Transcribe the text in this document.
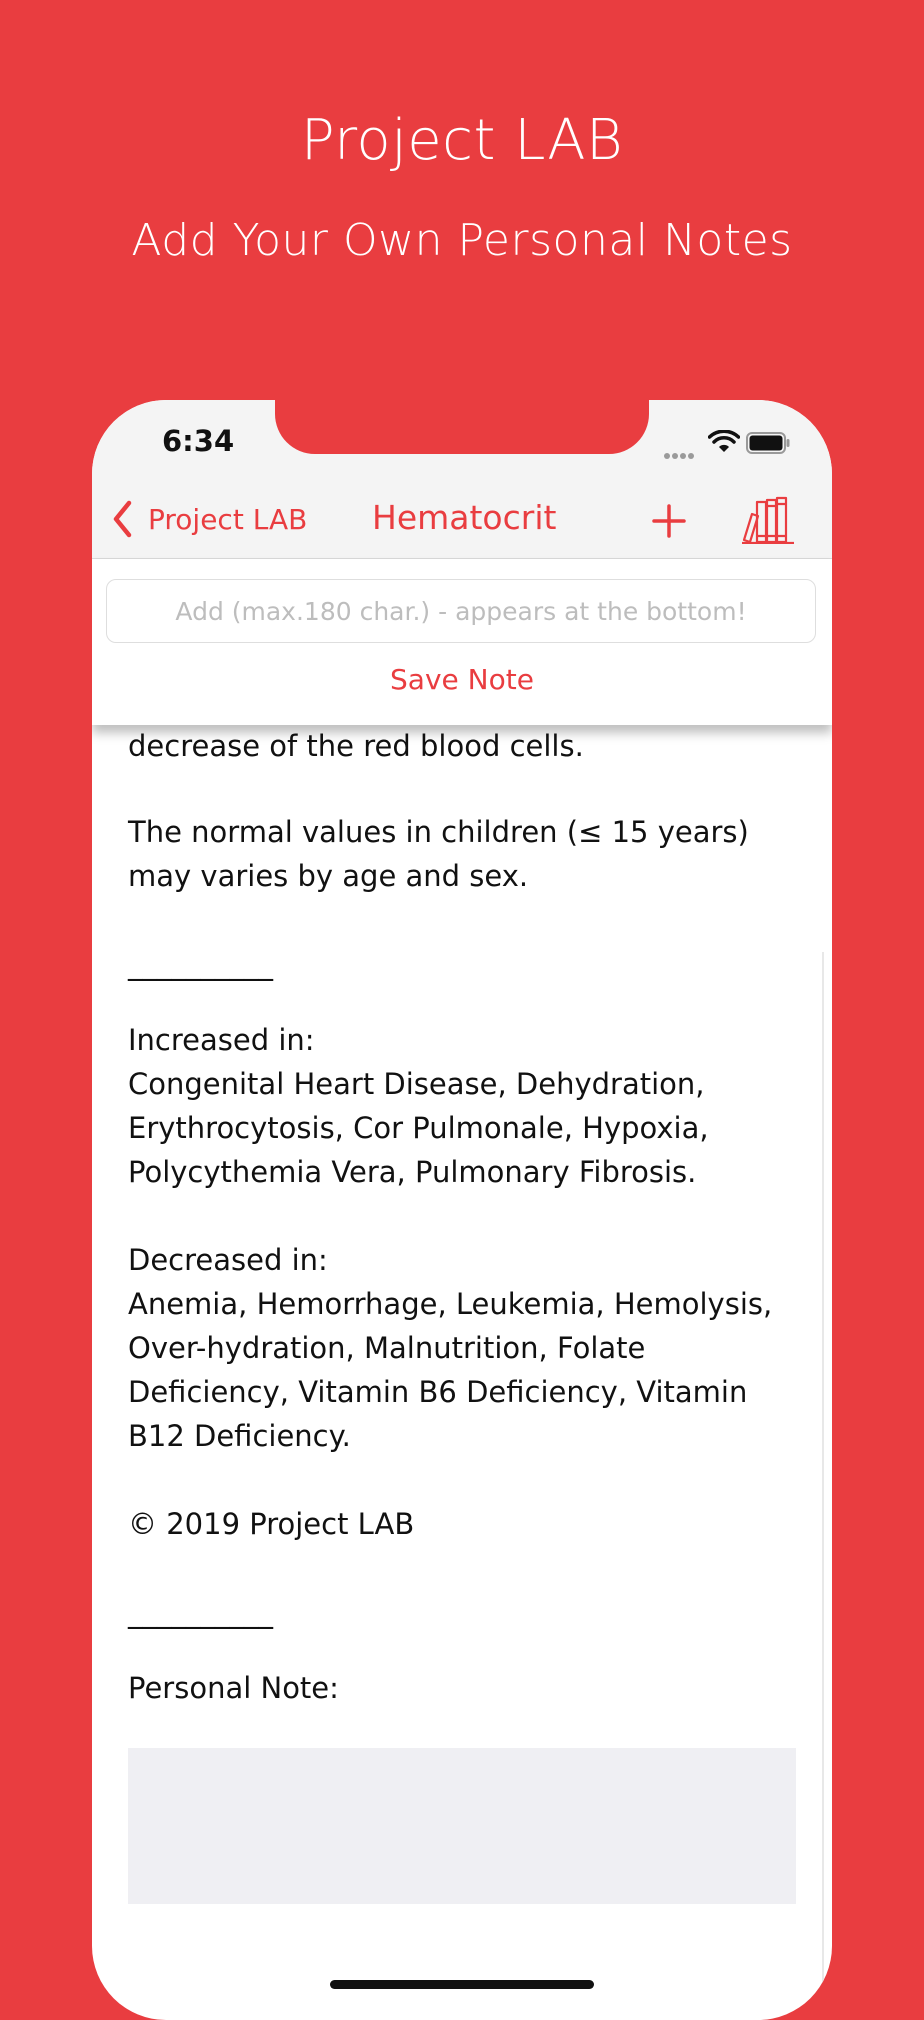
Project LAB
Add Your Own Personal Notes
6:34
Project LAB Hematocrit
Add (max.180 char.) - appears at the bottom!
Save Note

decrease of the red blood cells.

The normal values in children (≤ 15 years)
may varies by age and sex.

__________

Increased in:
Congenital Heart Disease, Dehydration,
Erythrocytosis, Cor Pulmonale, Hypoxia,
Polycythemia Vera, Pulmonary Fibrosis.

Decreased in:
Anemia, Hemorrhage, Leukemia, Hemolysis,
Over-hydration, Malnutrition, Folate
Deficiency, Vitamin B6 Deficiency, Vitamin
B12 Deficiency.

© 2019 Project LAB

__________

Personal Note:
